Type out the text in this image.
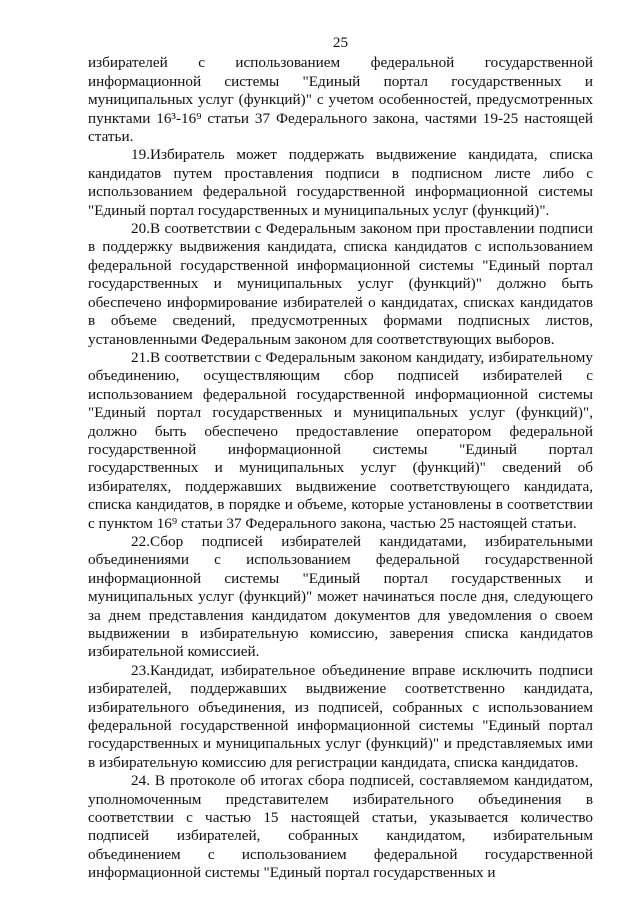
25

избирателей с использованием федеральной государственной информационной системы "Единый портал государственных и муниципальных услуг (функций)" с учетом особенностей, предусмотренных пунктами 16³-16⁹ статьи 37 Федерального закона, частями 19-25 настоящей статьи.

19.Избиратель может поддержать выдвижение кандидата, списка кандидатов путем проставления подписи в подписном листе либо с использованием федеральной государственной информационной системы "Единый портал государственных и муниципальных услуг (функций)".

20.В соответствии с Федеральным законом при проставлении подписи в поддержку выдвижения кандидата, списка кандидатов с использованием федеральной государственной информационной системы "Единый портал государственных и муниципальных услуг (функций)" должно быть обеспечено информирование избирателей о кандидатах, списках кандидатов в объеме сведений, предусмотренных формами подписных листов, установленными Федеральным законом для соответствующих выборов.

21.В соответствии с Федеральным законом кандидату, избирательному объединению, осуществляющим сбор подписей избирателей с использованием федеральной государственной информационной системы "Единый портал государственных и муниципальных услуг (функций)", должно быть обеспечено предоставление оператором федеральной государственной информационной системы "Единый портал государственных и муниципальных услуг (функций)" сведений об избирателях, поддержавших выдвижение соответствующего кандидата, списка кандидатов, в порядке и объеме, которые установлены в соответствии с пунктом 16⁹ статьи 37 Федерального закона, частью 25 настоящей статьи.

22.Сбор подписей избирателей кандидатами, избирательными объединениями с использованием федеральной государственной информационной системы "Единый портал государственных и муниципальных услуг (функций)" может начинаться после дня, следующего за днем представления кандидатом документов для уведомления о своем выдвижении в избирательную комиссию, заверения списка кандидатов избирательной комиссией.

23.Кандидат, избирательное объединение вправе исключить подписи избирателей, поддержавших выдвижение соответственно кандидата, избирательного объединения, из подписей, собранных с использованием федеральной государственной информационной системы "Единый портал государственных и муниципальных услуг (функций)" и представляемых ими в избирательную комиссию для регистрации кандидата, списка кандидатов.

24. В протоколе об итогах сбора подписей, составляемом кандидатом, уполномоченным представителем избирательного объединения в соответствии с частью 15 настоящей статьи, указывается количество подписей избирателей, собранных кандидатом, избирательным объединением с использованием федеральной государственной информационной системы "Единый портал государственных и
